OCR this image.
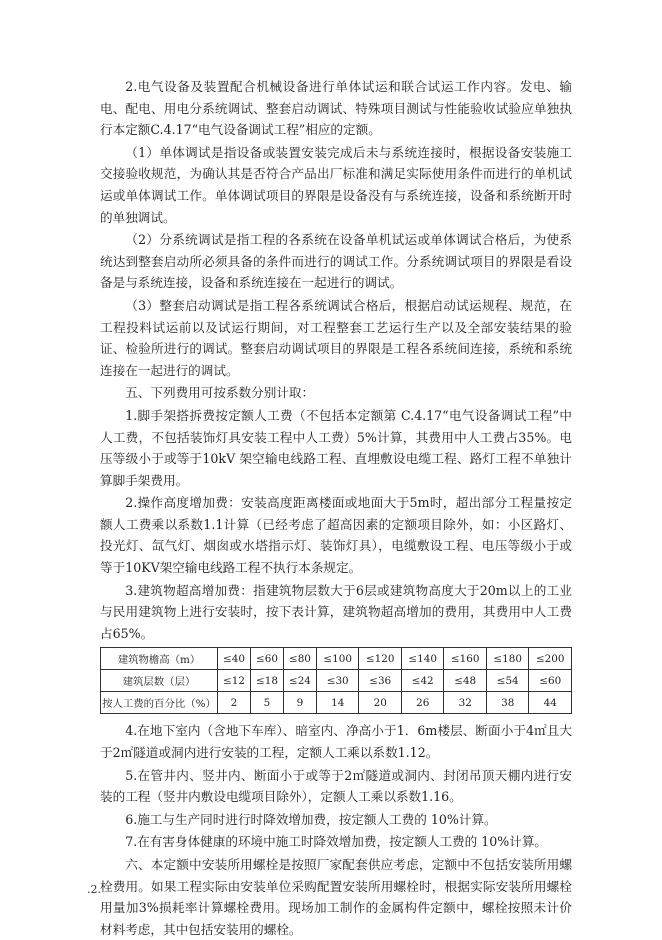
2.电气设备及装置配合机械设备进行单体试运和联合试运工作内容。发电、输电、配电、用电分系统调试、整套启动调试、特殊项目测试与性能验收试验应单独执行本定额C.4.17“电气设备调试工程”相应的定额。

（1）单体调试是指设备或装置安装完成后未与系统连接时，根据设备安装施工交接验收规范，为确认其是否符合产品出厂标准和满足实际使用条件而进行的单机试运或单体调试工作。单体调试项目的界限是设备没有与系统连接，设备和系统断开时的单独调试。

（2）分系统调试是指工程的各系统在设备单机试运或单体调试合格后，为使系统达到整套启动所必须具备的条件而进行的调试工作。分系统调试项目的界限是看设备是与系统连接，设备和系统连接在一起进行的调试。

（3）整套启动调试是指工程各系统调试合格后，根据启动试运规程、规范，在工程投料试运前以及试运行期间，对工程整套工艺运行生产以及全部安装结果的验证、检验所进行的调试。整套启动调试项目的界限是工程各系统间连接，系统和系统连接在一起进行的调试。

五、下列费用可按系数分别计取：

1.脚手架搭拆费按定额人工费（不包括本定额第 C.4.17“电气设备调试工程”中人工费，不包括装饰灯具安装工程中人工费）5%计算，其费用中人工费占35%。电压等级小于或等于10kV 架空输电线路工程、直埋敷设电缆工程、路灯工程不单独计算脚手架费用。

2.操作高度增加费：安装高度距离楼面或地面大于5m时，超出部分工程量按定额人工费乘以系数1.1计算（已经考虑了超高因素的定额项目除外，如：小区路灯、投光灯、氙气灯、烟囱或水塔指示灯、装饰灯具），电缆敷设工程、电压等级小于或等于10KV架空输电线路工程不执行本条规定。

3.建筑物超高增加费：指建筑物层数大于6层或建筑物高度大于20m以上的工业与民用建筑物上进行安装时，按下表计算，建筑物超高增加的费用，其费用中人工费占65%。

建筑物檐高（m）	≤40	≤60	≤80	≤100	≤120	≤140	≤160	≤180	≤200
建筑层数（层）	≤12	≤18	≤24	≤30	≤36	≤42	≤48	≤54	≤60
按人工费的百分比（%）	2	5	9	14	20	26	32	38	44

4.在地下室内（含地下车库）、暗室内、净高小于1．6m楼层、断面小于4㎡且大于2㎡隧道或洞内进行安装的工程，定额人工乘以系数1.12。

5.在管井内、竖井内、断面小于或等于2㎡隧道或洞内、封闭吊顶天棚内进行安装的工程（竖井内敷设电缆项目除外），定额人工乘以系数1.16。

6.施工与生产同时进行时降效增加费，按定额人工费的 10%计算。

7.在有害身体健康的环境中施工时降效增加费，按定额人工费的 10%计算。

六、本定额中安装所用螺栓是按照厂家配套供应考虑，定额中不包括安装所用螺栓费用。如果工程实际由安装单位采购配置安装所用螺栓时，根据实际安装所用螺栓用量加3%损耗率计算螺栓费用。现场加工制作的金属构件定额中，螺栓按照未计价材料考虑，其中包括安装用的螺栓。

.2.
